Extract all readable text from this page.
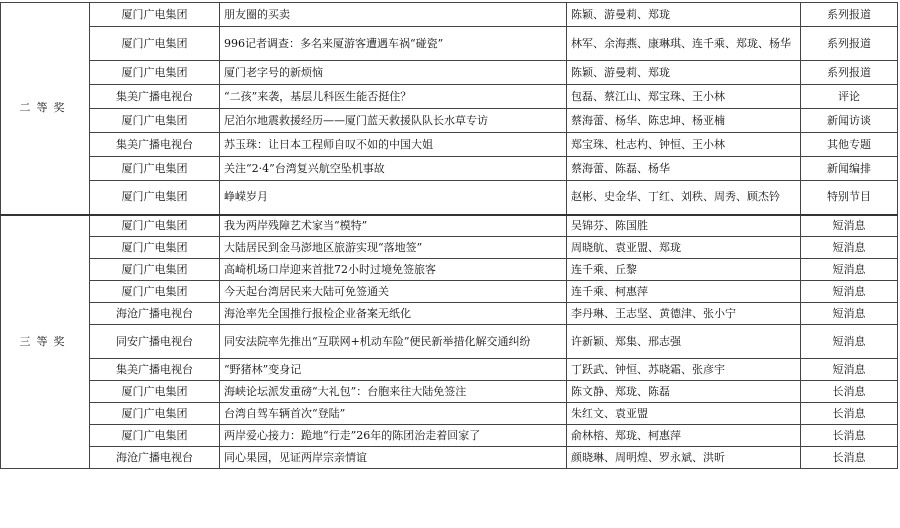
二等奖	厦门广电集团	朋友圈的买卖	陈颖、游曼莉、郑珑	系列报道
	厦门广电集团	996记者调查：多名来厦游客遭遇车祸“碰瓷”	林军、余海燕、康琳琪、连千乘、郑珑、杨华	系列报道
	厦门广电集团	厦门老字号的新烦恼	陈颖、游曼莉、郑珑	系列报道
	集美广播电视台	“二孩”来袭，基层儿科医生能否挺住？	包磊、蔡江山、郑宝珠、王小林	评论
	厦门广电集团	尼泊尔地震救援经历——厦门蓝天救援队队长水草专访	蔡海蕾、杨华、陈忠坤、杨亚楠	新闻访谈
	集美广播电视台	苏玉珠：让日本工程师自叹不如的中国大姐	郑宝珠、杜志杓、钟恒、王小林	其他专题
	厦门广电集团	关注“2·4”台湾复兴航空坠机事故	蔡海蕾、陈磊、杨华	新闻编排
	厦门广电集团	峥嵘岁月	赵彬、史金华、丁红、刘秩、周秀、顾杰钤	特别节目
三等奖	厦门广电集团	我为两岸残障艺术家当“模特”	吴锦芬、陈国胜	短消息
	厦门广电集团	大陆居民到金马澎地区旅游实现“落地签”	周晓航、袁亚盟、郑珑	短消息
	厦门广电集团	高崎机场口岸迎来首批72小时过境免签旅客	连千乘、丘黎	短消息
	厦门广电集团	今天起台湾居民来大陆可免签通关	连千乘、柯惠萍	短消息
	海沧广播电视台	海沧率先全国推行报检企业备案无纸化	李丹琳、王志坚、黄德津、张小宁	短消息
	同安广播电视台	同安法院率先推出“互联网+机动车险”便民新举措化解交通纠纷	许新颖、郑集、邢志强	短消息
	集美广播电视台	“野猪林”变身记	丁跃武、钟恒、苏晓霜、张彦宇	短消息
	厦门广电集团	海峡论坛派发重磅“大礼包”：台胞来往大陆免签注	陈文静、郑珑、陈磊	长消息
	厦门广电集团	台湾自驾车辆首次“登陆”	朱红文、袁亚盟	长消息
	厦门广电集团	两岸爱心接力：跪地“行走”26年的陈团治走着回家了	俞林榕、郑珑、柯惠萍	长消息
	海沧广播电视台	同心果园，见证两岸宗亲情谊	颜晓琳、周明煌、罗永斌、洪昕	长消息
